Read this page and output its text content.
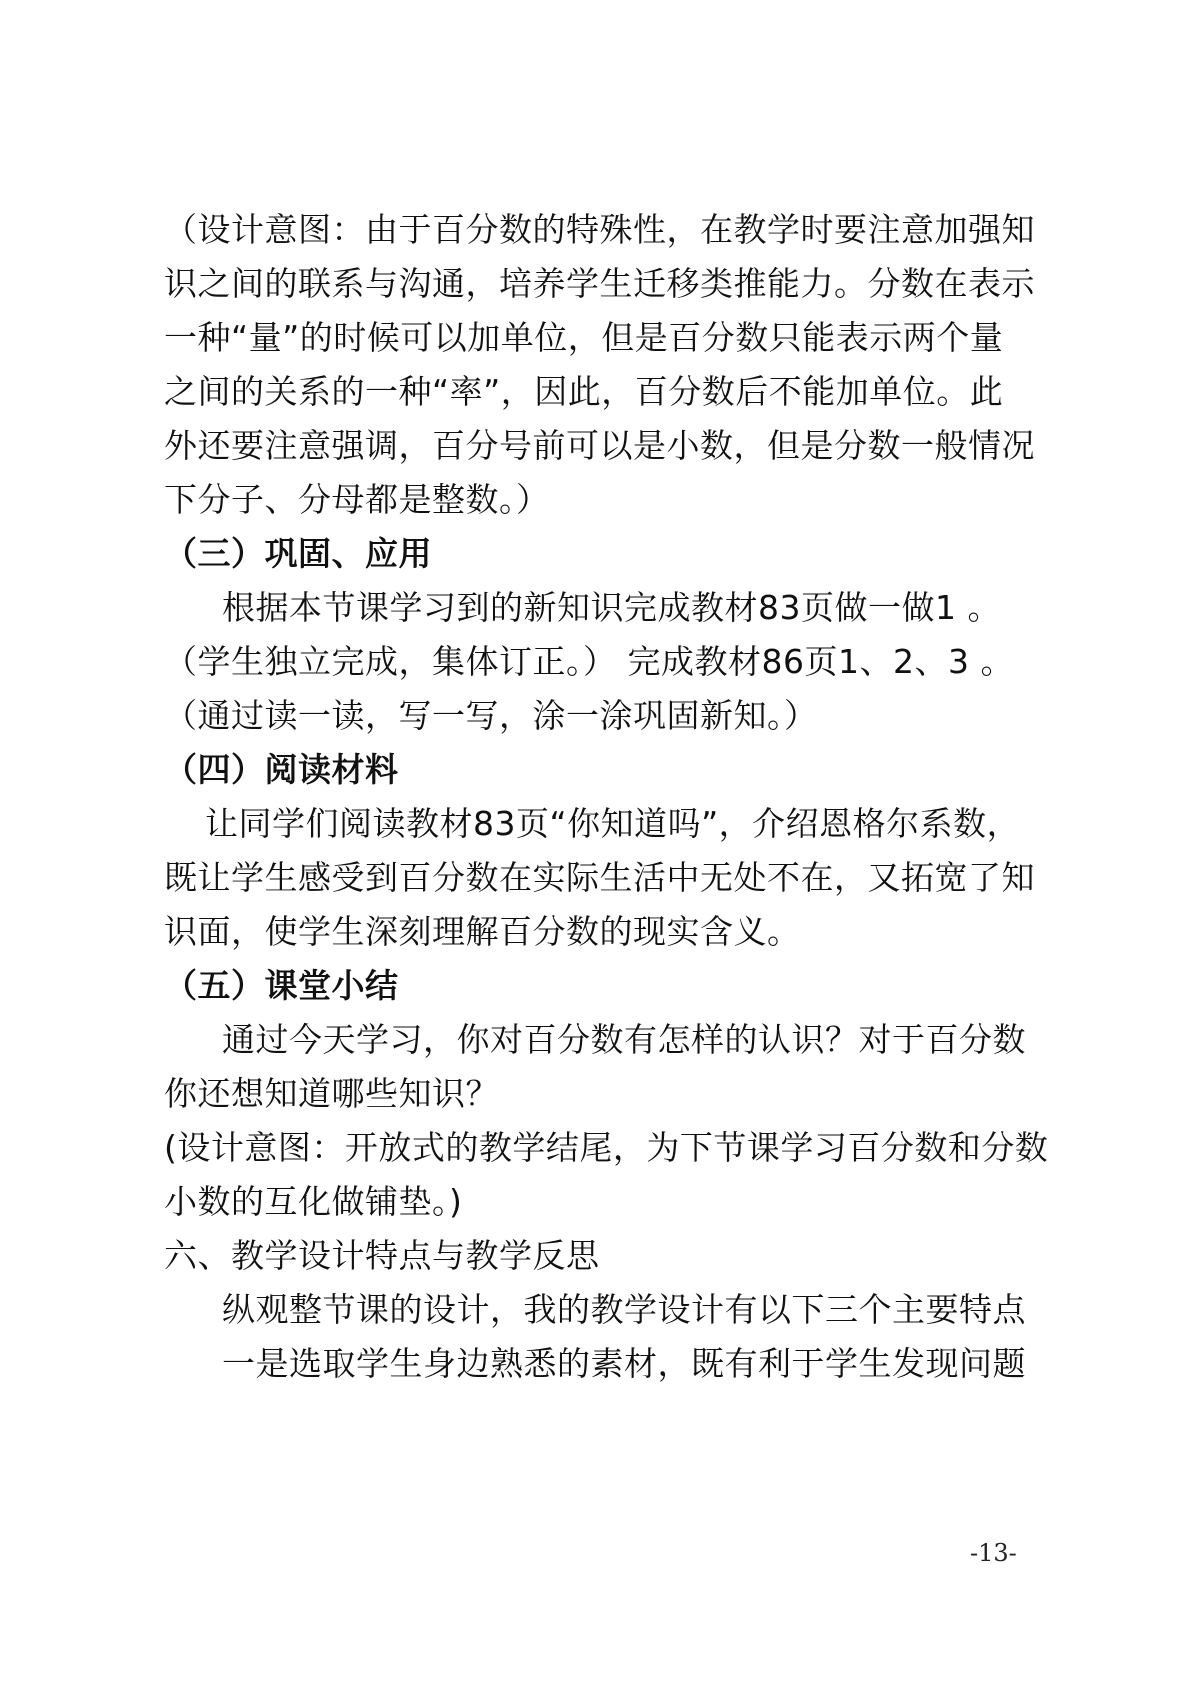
（设计意图：由于百分数的特殊性，在教学时要注意加强知
识之间的联系与沟通，培养学生迁移类推能力。分数在表示
一种“量”的时候可以加单位，但是百分数只能表示两个量
之间的关系的一种“率”，因此，百分数后不能加单位。此
外还要注意强调，百分号前可以是小数，但是分数一般情况
下分子、分母都是整数。）
（三）巩固、应用
根据本节课学习到的新知识完成教材83页做一做1 。
（学生独立完成，集体订正。） 完成教材86页1、2、3 。
（通过读一读，写一写，涂一涂巩固新知。）
（四）阅读材料
让同学们阅读教材83页“你知道吗”，介绍恩格尔系数，
既让学生感受到百分数在实际生活中无处不在，又拓宽了知
识面，使学生深刻理解百分数的现实含义。
（五）课堂小结
通过今天学习，你对百分数有怎样的认识？对于百分数
你还想知道哪些知识？
(设计意图：开放式的教学结尾，为下节课学习百分数和分数
小数的互化做铺垫。)
六、教学设计特点与教学反思
纵观整节课的设计，我的教学设计有以下三个主要特点
一是选取学生身边熟悉的素材，既有利于学生发现问题
-13-
